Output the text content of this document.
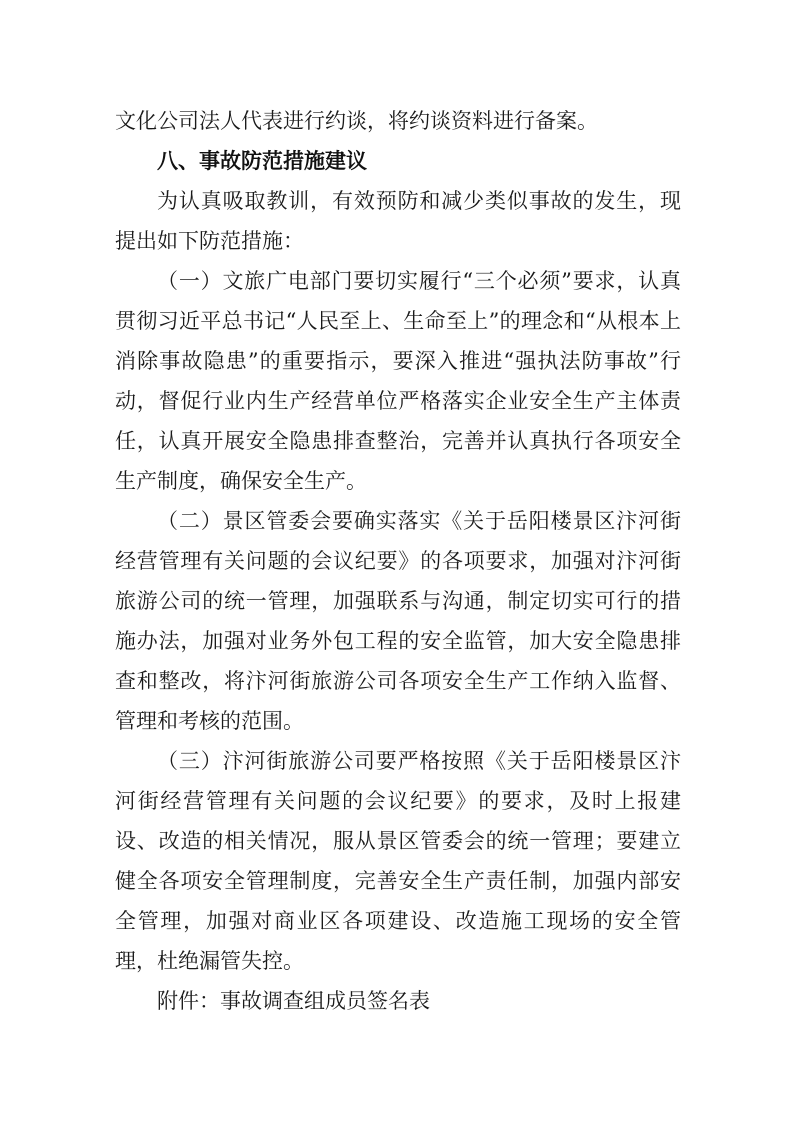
文化公司法人代表进行约谈，将约谈资料进行备案。

八、事故防范措施建议

为认真吸取教训，有效预防和减少类似事故的发生，现提出如下防范措施：

（一）文旅广电部门要切实履行“三个必须”要求，认真贯彻习近平总书记“人民至上、生命至上”的理念和“从根本上消除事故隐患”的重要指示，要深入推进“强执法防事故”行动，督促行业内生产经营单位严格落实企业安全生产主体责任，认真开展安全隐患排查整治，完善并认真执行各项安全生产制度，确保安全生产。

（二）景区管委会要确实落实《关于岳阳楼景区汴河街经营管理有关问题的会议纪要》的各项要求，加强对汴河街旅游公司的统一管理，加强联系与沟通，制定切实可行的措施办法，加强对业务外包工程的安全监管，加大安全隐患排查和整改，将汴河街旅游公司各项安全生产工作纳入监督、管理和考核的范围。

（三）汴河街旅游公司要严格按照《关于岳阳楼景区汴河街经营管理有关问题的会议纪要》的要求，及时上报建设、改造的相关情况，服从景区管委会的统一管理；要建立健全各项安全管理制度，完善安全生产责任制，加强内部安全管理，加强对商业区各项建设、改造施工现场的安全管理，杜绝漏管失控。

附件：事故调查组成员签名表
